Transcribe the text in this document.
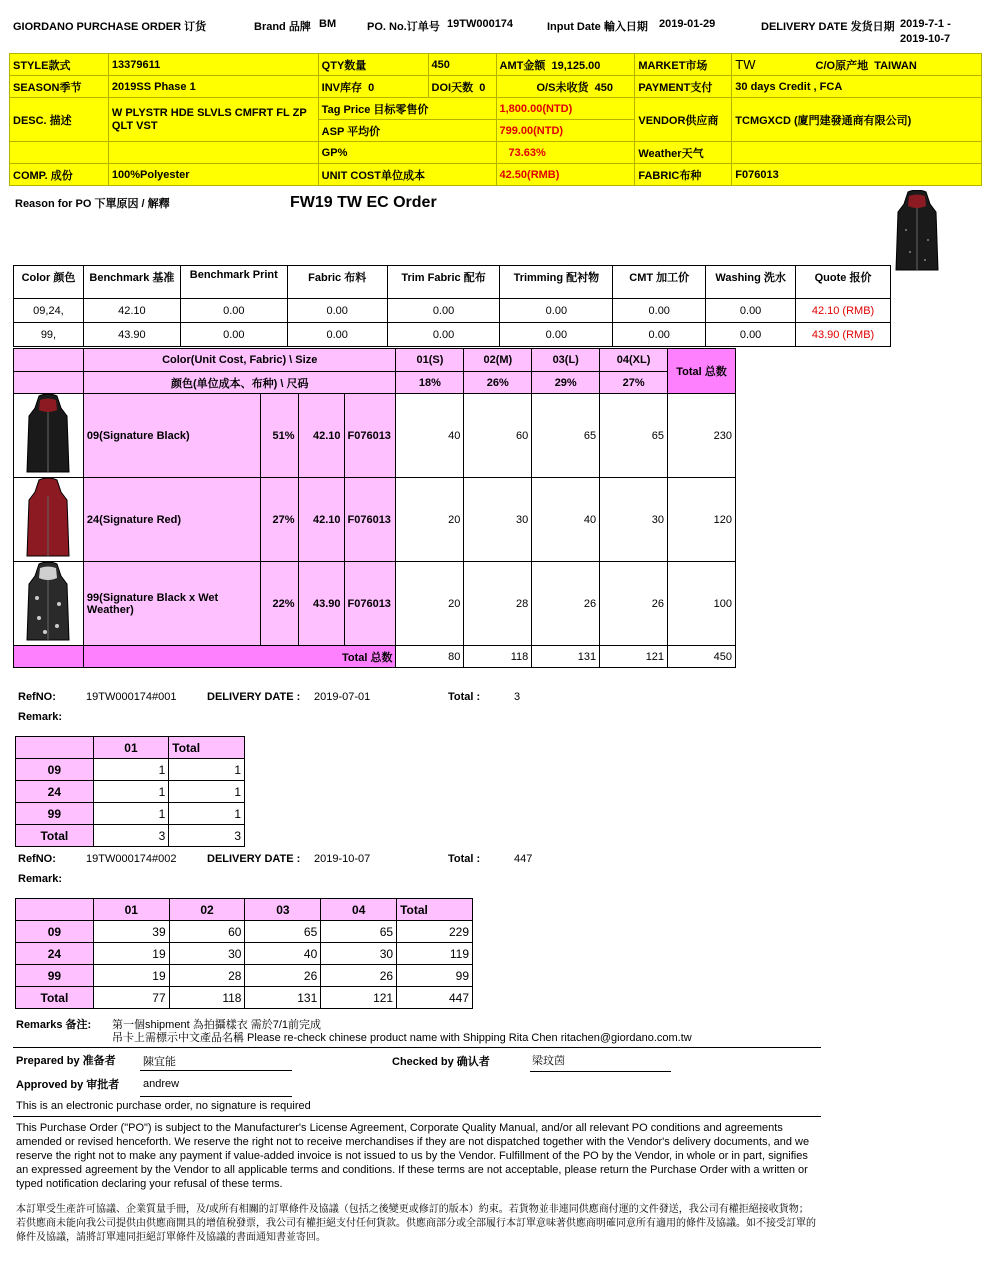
GIORDANO PURCHASE ORDER 订货	Brand 品牌 BM	PO. No.订单号 19TW000174	Input Date 輸入日期 2019-01-29	DELIVERY DATE 发货日期 2019-7-1 -
2019-10-7
STYLE款式	13379611	QTY数量	450	AMT金额 19,125.00	MARKET市场	TW C/O原产地 TAIWAN
SEASON季节	2019SS Phase 1	INV库存 0	DOI天数 0	O/S未收货 450	PAYMENT支付	30 days Credit , FCA
DESC. 描述	W PLYSTR HDE SLVLS CMFRT FL ZP QLT VST	Tag Price 目标零售价		1,800.00(NTD)	VENDOR供应商	TCMGXCD (廈門建發通商有限公司)
		ASP 平均价		799.00(NTD)		
		GP%		73.63%	Weather天气	
COMP. 成份	100%Polyester	UNIT COST单位成本		42.50(RMB)	FABRIC布种	F076013
Reason for PO 下單原因 / 解釋	FW19 TW EC Order
Color 颜色	Benchmark 基准	Benchmark Print	Fabric 布料	Trim Fabric 配布	Trimming 配衬物	CMT 加工价	Washing 洗水	Quote 报价
09,24,	42.10	0.00	0.00	0.00	0.00	0.00	0.00	42.10 (RMB)
99,	43.90	0.00	0.00	0.00	0.00	0.00	0.00	43.90 (RMB)
	Color(Unit Cost, Fabric) \ Size				01(S)	02(M)	03(L)	04(XL)	Total 总数
	颜色(单位成本、布种) \ 尺码				18%	26%	29%	27%	
	09(Signature Black)	51%	42.10	F076013	40	60	65	65	230
	24(Signature Red)	27%	42.10	F076013	20	30	40	30	120
	99(Signature Black x Wet Weather)	22%	43.90	F076013	20	28	26	26	100
	Total 总数				80	118	131	121	450
RefNO:	19TW000174#001	DELIVERY DATE : 2019-07-01	Total :	3
Remark:
	01	Total
09	1	1
24	1	1
99	1	1
Total	3	3
RefNO:	19TW000174#002	DELIVERY DATE : 2019-10-07	Total :	447
Remark:
	01	02	03	04	Total
09	39	60	65	65	229
24	19	30	40	30	119
99	19	28	26	26	99
Total	77	118	131	121	447
Remarks 备注: 第一個shipment 為拍攝樣衣 需於7/1前完成
吊卡上需標示中文產品名稱 Please re-check chinese product name with Shipping Rita Chen ritachen@giordano.com.tw
Prepared by 准备者 陳宜能	Checked by 确认者	梁玟茵
Approved by 审批者 andrew
This is an electronic purchase order, no signature is required
This Purchase Order ("PO") is subject to the Manufacturer's License Agreement, Corporate Quality Manual, and/or all relevant PO conditions and agreements amended or revised henceforth. We reserve the right not to receive merchandises if they are not dispatched together with the Vendor's delivery documents, and we reserve the right not to make any payment if value-added invoice is not issued to us by the Vendor. Fulfillment of the PO by the Vendor, in whole or in part, signifies an expressed agreement by the Vendor to all applicable terms and conditions. If these terms are not acceptable, please return the Purchase Order with a written or typed notification declaring your refusal of these terms.
本訂單受生產許可協議、企業質量手冊，及/或所有相關的訂單條件及協議（包括之後變更或修訂的版本）約束。若貨物並非連同供應商付運的文件發送，我公司有權拒絕接收貨物；若供應商未能向我公司提供由供應商開具的增值稅發票，我公司有權拒絕支付任何貨款。供應商部分或全部履行本訂單意味著供應商明確同意所有適用的條件及協議。如不接受訂單的條件及協議，請將訂單連同拒絕訂單條件及協議的書面通知書並寄回。
